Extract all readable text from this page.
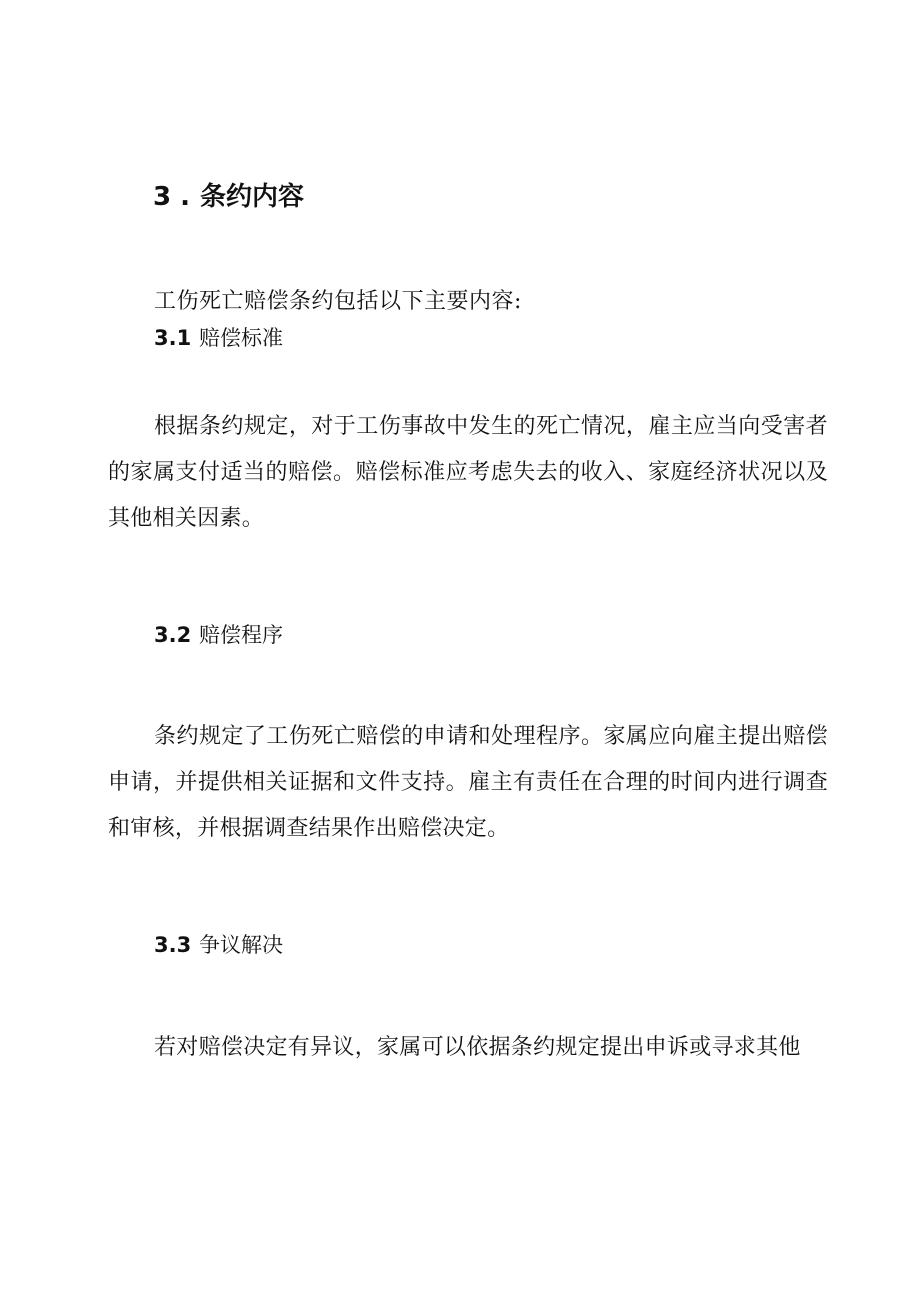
3 . 条约内容

工伤死亡赔偿条约包括以下主要内容:

3.1 赔偿标准

根据条约规定，对于工伤事故中发生的死亡情况，雇主应当向受害者的家属支付适当的赔偿。赔偿标准应考虑失去的收入、家庭经济状况以及其他相关因素。

3.2 赔偿程序

条约规定了工伤死亡赔偿的申请和处理程序。家属应向雇主提出赔偿申请，并提供相关证据和文件支持。雇主有责任在合理的时间内进行调查和审核，并根据调查结果作出赔偿决定。

3.3 争议解决

若对赔偿决定有异议，家属可以依据条约规定提出申诉或寻求其他
